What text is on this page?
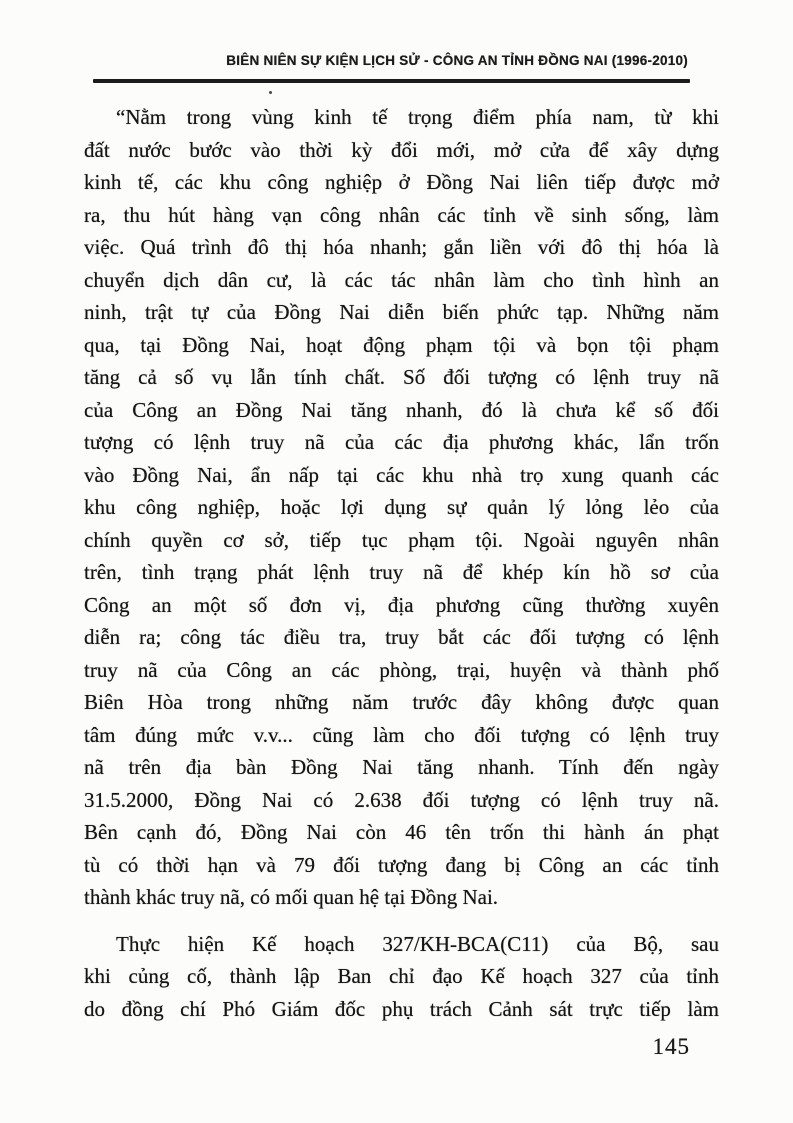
BIÊN NIÊN SỰ KIỆN LỊCH SỬ - CÔNG AN TỈNH ĐỒNG NAI (1996-2010)
“Nằm trong vùng kinh tế trọng điểm phía nam, từ khi
đất nước bước vào thời kỳ đổi mới, mở cửa để xây dựng
kinh tế, các khu công nghiệp ở Đồng Nai liên tiếp được mở
ra, thu hút hàng vạn công nhân các tỉnh về sinh sống, làm
việc. Quá trình đô thị hóa nhanh; gắn liền với đô thị hóa là
chuyển dịch dân cư, là các tác nhân làm cho tình hình an
ninh, trật tự của Đồng Nai diễn biến phức tạp. Những năm
qua, tại Đồng Nai, hoạt động phạm tội và bọn tội phạm
tăng cả số vụ lẫn tính chất. Số đối tượng có lệnh truy nã
của Công an Đồng Nai tăng nhanh, đó là chưa kể số đối
tượng có lệnh truy nã của các địa phương khác, lẩn trốn
vào Đồng Nai, ẩn nấp tại các khu nhà trọ xung quanh các
khu công nghiệp, hoặc lợi dụng sự quản lý lỏng lẻo của
chính quyền cơ sở, tiếp tục phạm tội. Ngoài nguyên nhân
trên, tình trạng phát lệnh truy nã để khép kín hồ sơ của
Công an một số đơn vị, địa phương cũng thường xuyên
diễn ra; công tác điều tra, truy bắt các đối tượng có lệnh
truy nã của Công an các phòng, trại, huyện và thành phố
Biên Hòa trong những năm trước đây không được quan
tâm đúng mức v.v... cũng làm cho đối tượng có lệnh truy
nã trên địa bàn Đồng Nai tăng nhanh. Tính đến ngày
31.5.2000, Đồng Nai có 2.638 đối tượng có lệnh truy nã.
Bên cạnh đó, Đồng Nai còn 46 tên trốn thi hành án phạt
tù có thời hạn và 79 đối tượng đang bị Công an các tỉnh
thành khác truy nã, có mối quan hệ tại Đồng Nai.
Thực hiện Kế hoạch 327/KH-BCA(C11) của Bộ, sau
khi củng cố, thành lập Ban chỉ đạo Kế hoạch 327 của tỉnh
do đồng chí Phó Giám đốc phụ trách Cảnh sát trực tiếp làm
145
